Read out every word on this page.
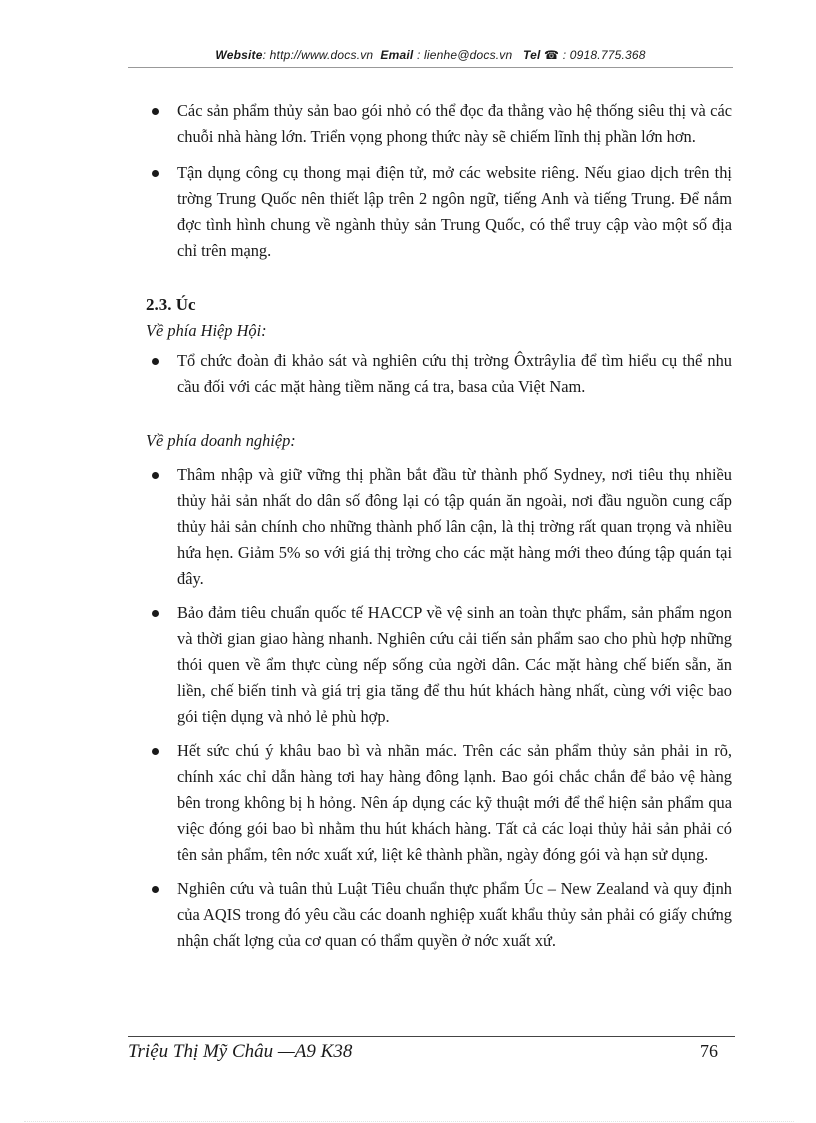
Website: http://www.docs.vn Email : lienhe@docs.vn Tel ☎ : 0918.775.368
Các sản phẩm thủy sản bao gói nhỏ có thể đọc đa thẳng vào hệ thống siêu thị và các chuỗi nhà hàng lớn. Triển vọng phong thức này sẽ chiếm lĩnh thị phần lớn hơn.
Tận dụng công cụ thong mại điện tử, mở các website riêng. Nếu giao dịch trên thị trờng Trung Quốc nên thiết lập trên 2 ngôn ngữ, tiếng Anh và tiếng Trung. Để nắm đợc tình hình chung về ngành thủy sản Trung Quốc, có thể truy cập vào một số địa chỉ trên mạng.

2.3. Úc

Về phía Hiệp Hội:

Tổ chức đoàn đi khảo sát và nghiên cứu thị trờng Ôxtrâylia để tìm hiểu cụ thể nhu cầu đối với các mặt hàng tiềm năng cá tra, basa của Việt Nam.

Về phía doanh nghiệp:

Thâm nhập và giữ vững thị phần bắt đầu từ thành phố Sydney, nơi tiêu thụ nhiều thủy hải sản nhất do dân số đông lại có tập quán ăn ngoài, nơi đầu nguồn cung cấp thủy hải sản chính cho những thành phố lân cận, là thị trờng rất quan trọng và nhiều hứa hẹn. Giảm 5% so với giá thị trờng cho các mặt hàng mới theo đúng tập quán tại đây.
Bảo đảm tiêu chuẩn quốc tế HACCP về vệ sinh an toàn thực phẩm, sản phẩm ngon và thời gian giao hàng nhanh. Nghiên cứu cải tiến sản phẩm sao cho phù hợp những thói quen về ẩm thực cùng nếp sống của ngời dân. Các mặt hàng chế biến sẵn, ăn liền, chế biến tinh và giá trị gia tăng để thu hút khách hàng nhất, cùng với việc bao gói tiện dụng và nhỏ lẻ phù hợp.
Hết sức chú ý khâu bao bì và nhãn mác. Trên các sản phẩm thủy sản phải in rõ, chính xác chỉ dẫn hàng tơi hay hàng đông lạnh. Bao gói chắc chắn để bảo vệ hàng bên trong không bị h hỏng. Nên áp dụng các kỹ thuật mới để thể hiện sản phẩm qua việc đóng gói bao bì nhằm thu hút khách hàng. Tất cả các loại thủy hải sản phải có tên sản phẩm, tên nớc xuất xứ, liệt kê thành phần, ngày đóng gói và hạn sử dụng.
Nghiên cứu và tuân thủ Luật Tiêu chuẩn thực phẩm Úc – New Zealand và quy định của AQIS trong đó yêu cầu các doanh nghiệp xuất khẩu thủy sản phải có giấy chứng nhận chất lợng của cơ quan có thẩm quyền ở nớc xuất xứ.
Triệu Thị Mỹ Châu —A9 K38	76
